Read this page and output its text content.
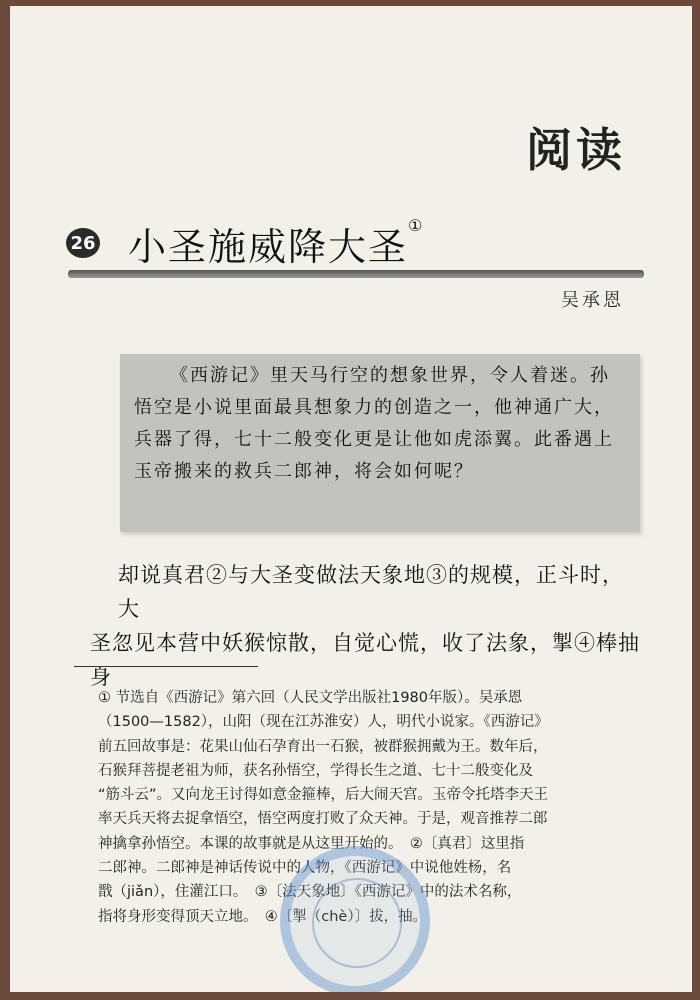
阅读
26 小圣施威降大圣①
吴承恩
《西游记》里天马行空的想象世界，令人着迷。孙悟空是小说里面最具想象力的创造之一，他神通广大，兵器了得，七十二般变化更是让他如虎添翼。此番遇上玉帝搬来的救兵二郎神，将会如何呢？
却说真君②与大圣变做法天象地③的规模，正斗时，大
圣忽见本营中妖猴惊散，自觉心慌，收了法象，掣④棒抽身

① 节选自《西游记》第六回（人民文学出版社1980年版）。吴承恩

（1500—1582），山阳（现在江苏淮安）人，明代小说家。《西游记》

前五回故事是：花果山仙石孕育出一石猴，被群猴拥戴为王。数年后，

石猴拜菩提老祖为师，获名孙悟空，学得长生之道、七十二般变化及

“筋斗云”。又向龙王讨得如意金箍棒，后大闹天宫。玉帝令托塔李天王

率天兵天将去捉拿悟空，悟空两度打败了众天神。于是，观音推荐二郎

神擒拿孙悟空。本课的故事就是从这里开始的。　②〔真君〕这里指

二郎神。二郎神是神话传说中的人物，《西游记》中说他姓杨，名

戬（jiǎn），住灌江口。　③〔法天象地〕《西游记》中的法术名称，

指将身形变得顶天立地。　④〔掣（chè）〕拔，抽。
